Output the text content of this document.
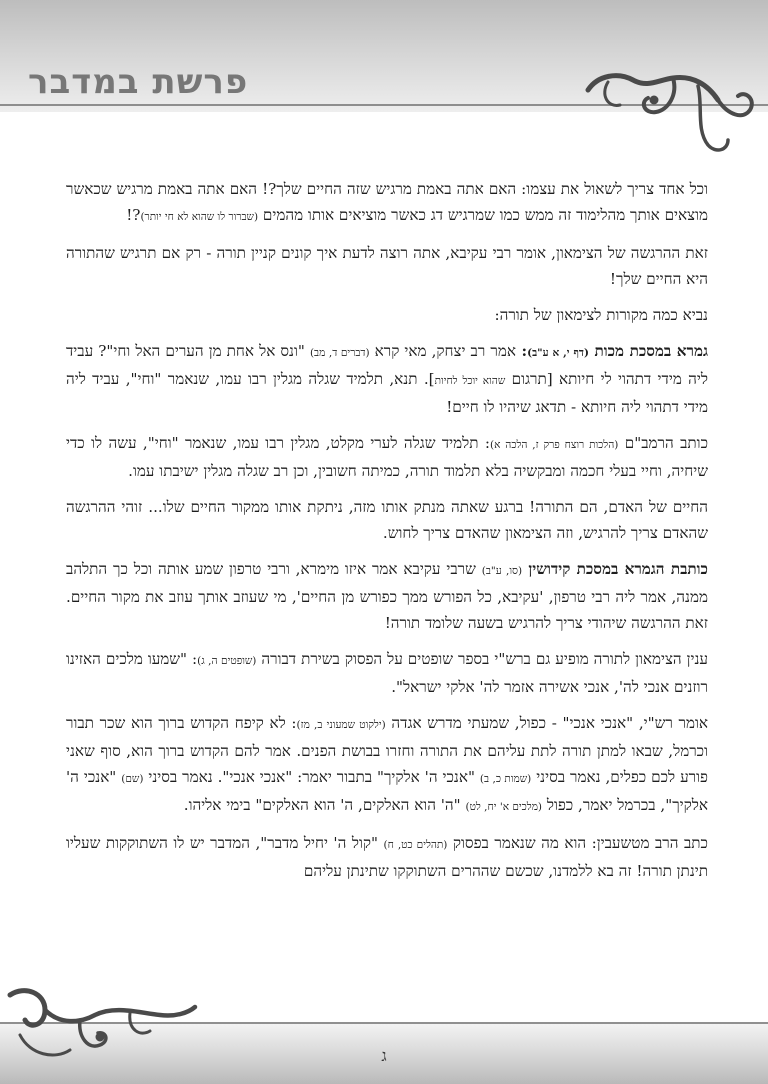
פרשת במדבר

וכל אחד צריך לשאול את עצמו: האם אתה באמת מרגיש שזה החיים שלך?! האם אתה באמת מרגיש שכאשר מוצאים אותך מהלימוד זה ממש כמו שמרגיש דג כאשר מוציאים אותו מהמים (שברור לו שהוא לא חי יותר)?!

זאת ההרגשה של הצימאון, אומר רבי עקיבא, אתה רוצה לדעת איך קונים קניין תורה - רק אם תרגיש שהתורה היא החיים שלך!

נביא כמה מקורות לצימאון של תורה:

גמרא במסכת מכות (דף י, א ע"ב): אמר רב יצחק, מאי קרא (דברים ד, מב) "ונס אל אחת מן הערים האל וחי"? עביד ליה מידי דתהוי לי חיותא [תרגום שהוא יוכל לחיות]. תנא, תלמיד שגלה מגלין רבו עמו, שנאמר "וחי", עביד ליה מידי דתהוי ליה חיותא - תדאג שיהיו לו חיים!

כותב הרמב"ם (הלכות רוצח פרק ז, הלכה א): תלמיד שגלה לערי מקלט, מגלין רבו עמו, שנאמר "וחי", עשה לו כדי שיחיה, וחיי בעלי חכמה ומבקשיה בלא תלמוד תורה, כמיתה חשובין, וכן רב שגלה מגלין ישיבתו עמו.

החיים של האדם, הם התורה! ברגע שאתה מנתק אותו מזה, ניתקת אותו ממקור החיים שלו... זוהי ההרגשה שהאדם צריך להרגיש, וזה הצימאון שהאדם צריך לחוש.

כותבת הגמרא במסכת קידושין (סו, ע"ב) שרבי עקיבא אמר איזו מימרא, ורבי טרפון שמע אותה וכל כך התלהב ממנה, אמר ליה רבי טרפון, 'עקיבא, כל הפורש ממך כפורש מן החיים', מי שעוזב אותך עוזב את מקור החיים. זאת ההרגשה שיהודי צריך להרגיש בשעה שלומד תורה!

ענין הצימאון לתורה מופיע גם ברש"י בספר שופטים על הפסוק בשירת דבורה (שופטים ה, ג): "שמעו מלכים האזינו רוזנים אנכי לה', אנכי אשירה אזמר לה' אלקי ישראל".

אומר רש"י, "אנכי אנכי" - כפול, שמעתי מדרש אגדה (ילקוט שמעוני ב, מז): לא קיפח הקדוש ברוך הוא שכר תבור וכרמל, שבאו למתן תורה לתת עליהם את התורה וחזרו בבושת הפנים. אמר להם הקדוש ברוך הוא, סוף שאני פורע לכם כפלים, נאמר בסיני (שמות כ, ב) "אנכי ה' אלקיך" בתבור יאמר: "אנכי אנכי". נאמר בסיני (שם) "אנכי ה' אלקיך", בכרמל יאמר, כפול (מלכים א' יח, לט) "ה' הוא האלקים, ה' הוא האלקים" בימי אליהו.

כתב הרב מטשעבין: הוא מה שנאמר בפסוק (תהלים כט, ח) "קול ה' יחיל מדבר", המדבר יש לו השתוקקות שעליו תינתן תורה! זה בא ללמדנו, שכשם שההרים השתוקקו שתינתן עליהם

ג
